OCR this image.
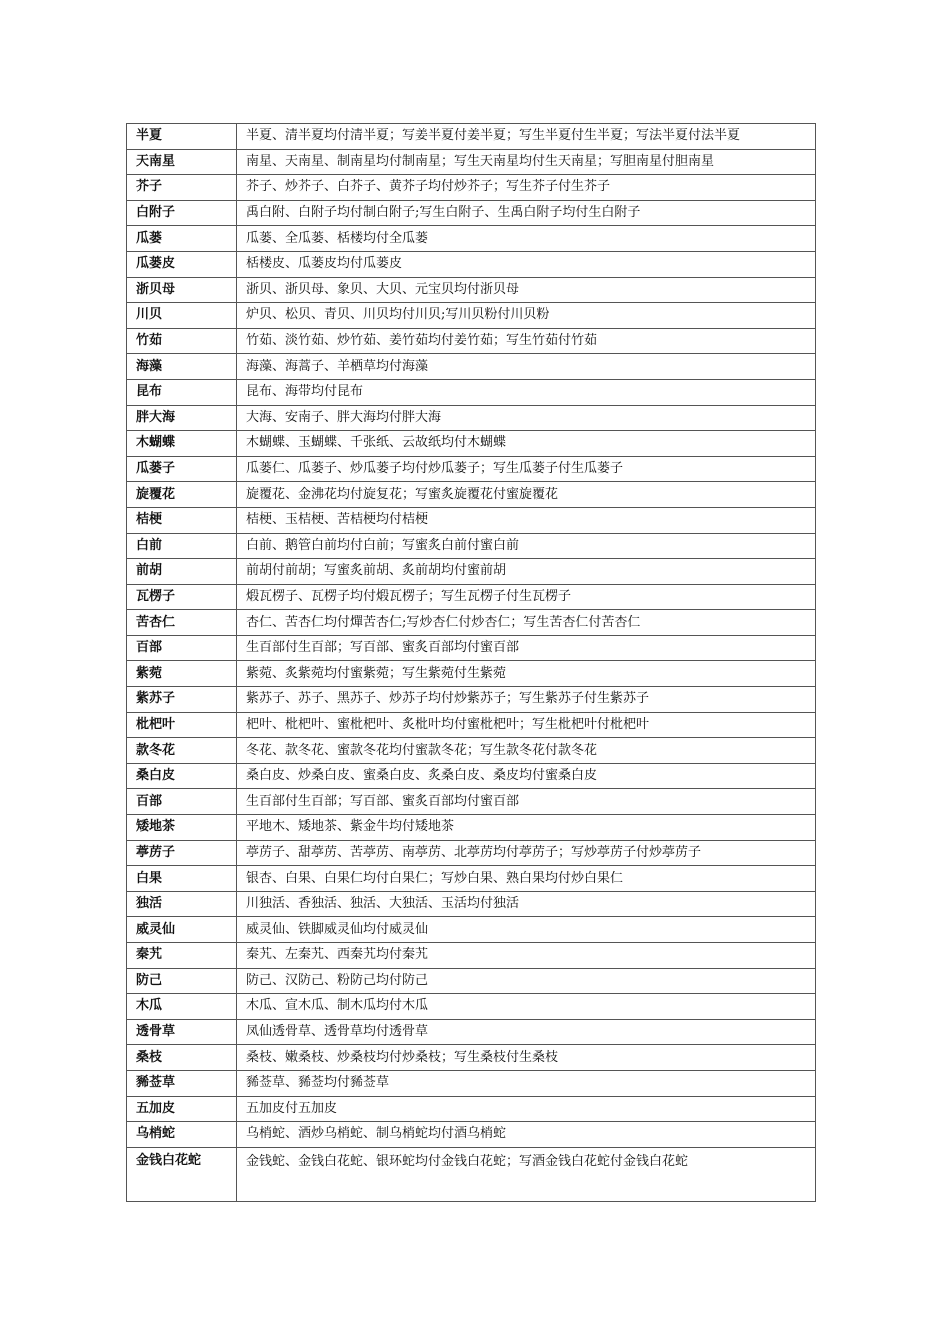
半夏	半夏、清半夏均付清半夏；写姜半夏付姜半夏；写生半夏付生半夏；写法半夏付法半夏
天南星	南星、天南星、制南星均付制南星；写生天南星均付生天南星；写胆南星付胆南星
芥子	芥子、炒芥子、白芥子、黄芥子均付炒芥子；写生芥子付生芥子
白附子	禹白附、白附子均付制白附子;写生白附子、生禹白附子均付生白附子
瓜蒌	瓜蒌、全瓜蒌、栝楼均付全瓜蒌
瓜蒌皮	栝楼皮、瓜蒌皮均付瓜蒌皮
浙贝母	浙贝、浙贝母、象贝、大贝、元宝贝均付浙贝母
川贝	炉贝、松贝、青贝、川贝均付川贝;写川贝粉付川贝粉
竹茹	竹茹、淡竹茹、炒竹茹、姜竹茹均付姜竹茹；写生竹茹付竹茹
海藻	海藻、海蒿子、羊栖草均付海藻
昆布	昆布、海带均付昆布
胖大海	大海、安南子、胖大海均付胖大海
木蝴蝶	木蝴蝶、玉蝴蝶、千张纸、云故纸均付木蝴蝶
瓜蒌子	瓜蒌仁、瓜蒌子、炒瓜蒌子均付炒瓜蒌子；写生瓜蒌子付生瓜蒌子
旋覆花	旋覆花、金沸花均付旋复花；写蜜炙旋覆花付蜜旋覆花
桔梗	桔梗、玉桔梗、苦桔梗均付桔梗
白前	白前、鹅管白前均付白前；写蜜炙白前付蜜白前
前胡	前胡付前胡；写蜜炙前胡、炙前胡均付蜜前胡
瓦楞子	煅瓦楞子、瓦楞子均付煅瓦楞子；写生瓦楞子付生瓦楞子
苦杏仁	杏仁、苦杏仁均付燀苦杏仁;写炒杏仁付炒杏仁；写生苦杏仁付苦杏仁
百部	生百部付生百部；写百部、蜜炙百部均付蜜百部
紫菀	紫菀、炙紫菀均付蜜紫菀；写生紫菀付生紫菀
紫苏子	紫苏子、苏子、黑苏子、炒苏子均付炒紫苏子；写生紫苏子付生紫苏子
枇杷叶	杷叶、枇杷叶、蜜枇杷叶、炙枇叶均付蜜枇杷叶；写生枇杷叶付枇杷叶
款冬花	冬花、款冬花、蜜款冬花均付蜜款冬花；写生款冬花付款冬花
桑白皮	桑白皮、炒桑白皮、蜜桑白皮、炙桑白皮、桑皮均付蜜桑白皮
百部	生百部付生百部；写百部、蜜炙百部均付蜜百部
矮地茶	平地木、矮地茶、紫金牛均付矮地茶
葶苈子	葶苈子、甜葶苈、苦葶苈、南葶苈、北葶苈均付葶苈子；写炒葶苈子付炒葶苈子
白果	银杏、白果、白果仁均付白果仁；写炒白果、熟白果均付炒白果仁
独活	川独活、香独活、独活、大独活、玉活均付独活
威灵仙	威灵仙、铁脚威灵仙均付威灵仙
秦艽	秦艽、左秦艽、西秦艽均付秦艽
防己	防己、汉防己、粉防己均付防己
木瓜	木瓜、宣木瓜、制木瓜均付木瓜
透骨草	凤仙透骨草、透骨草均付透骨草
桑枝	桑枝、嫩桑枝、炒桑枝均付炒桑枝；写生桑枝付生桑枝
豨莶草	豨莶草、豨莶均付豨莶草
五加皮	五加皮付五加皮
乌梢蛇	乌梢蛇、酒炒乌梢蛇、制乌梢蛇均付酒乌梢蛇
金钱白花蛇	金钱蛇、金钱白花蛇、银环蛇均付金钱白花蛇；写酒金钱白花蛇付金钱白花蛇
